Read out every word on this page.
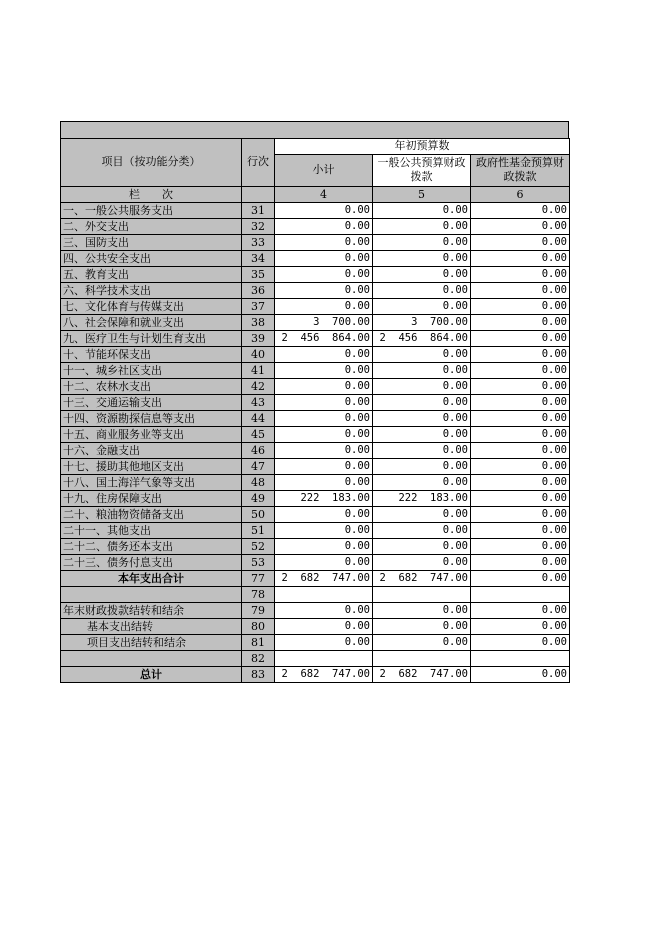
项目（按功能分类）	行次	年初预算数		
		小计	一般公共预算财政拨款	政府性基金预算财政拨款
栏　　次		4	5	6
一、一般公共服务支出	31	0.00	0.00	0.00
二、外交支出	32	0.00	0.00	0.00
三、国防支出	33	0.00	0.00	0.00
四、公共安全支出	34	0.00	0.00	0.00
五、教育支出	35	0.00	0.00	0.00
六、科学技术支出	36	0.00	0.00	0.00
七、文化体育与传媒支出	37	0.00	0.00	0.00
八、社会保障和就业支出	38	3  700.00	3  700.00	0.00
九、医疗卫生与计划生育支出	39	2  456  864.00	2  456  864.00	0.00
十、节能环保支出	40	0.00	0.00	0.00
十一、城乡社区支出	41	0.00	0.00	0.00
十二、农林水支出	42	0.00	0.00	0.00
十三、交通运输支出	43	0.00	0.00	0.00
十四、资源勘探信息等支出	44	0.00	0.00	0.00
十五、商业服务业等支出	45	0.00	0.00	0.00
十六、金融支出	46	0.00	0.00	0.00
十七、援助其他地区支出	47	0.00	0.00	0.00
十八、国土海洋气象等支出	48	0.00	0.00	0.00
十九、住房保障支出	49	222  183.00	222  183.00	0.00
二十、粮油物资储备支出	50	0.00	0.00	0.00
二十一、其他支出	51	0.00	0.00	0.00
二十二、债务还本支出	52	0.00	0.00	0.00
二十三、债务付息支出	53	0.00	0.00	0.00
本年支出合计	77	2  682  747.00	2  682  747.00	0.00
	78			
年末财政拨款结转和结余	79	0.00	0.00	0.00
基本支出结转	80	0.00	0.00	0.00
项目支出结转和结余	81	0.00	0.00	0.00
	82			
总计	83	2  682  747.00	2  682  747.00	0.00
